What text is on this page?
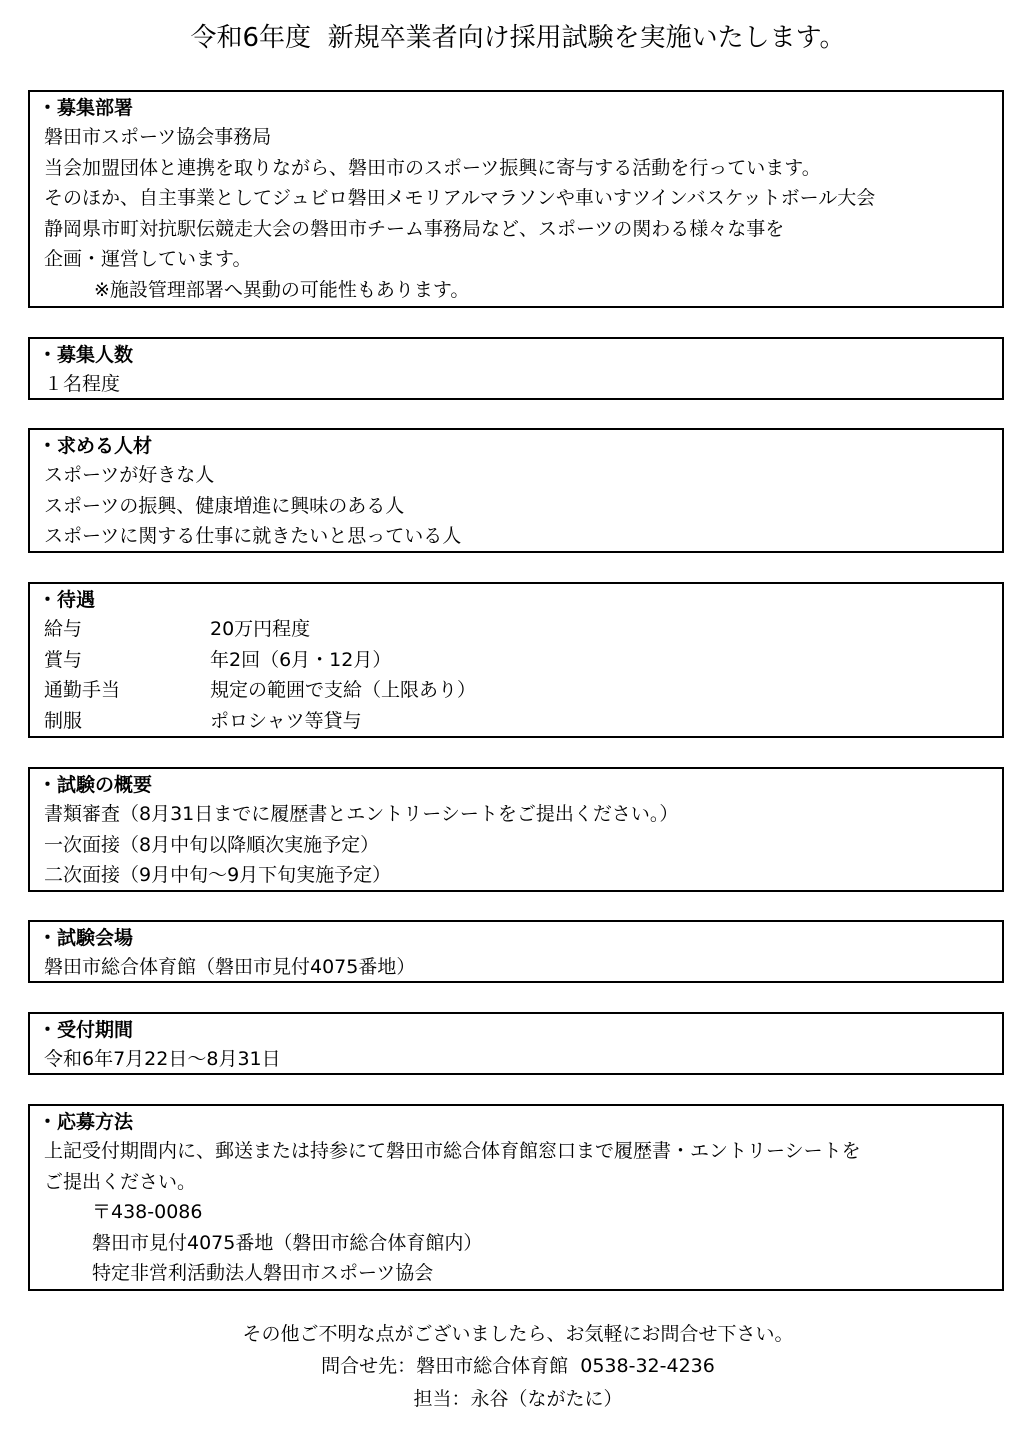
令和6年度  新規卒業者向け採用試験を実施いたします。
・募集部署
磐田市スポーツ協会事務局
当会加盟団体と連携を取りながら、磐田市のスポーツ振興に寄与する活動を行っています。
そのほか、自主事業としてジュビロ磐田メモリアルマラソンや車いすツインバスケットボール大会
静岡県市町対抗駅伝競走大会の磐田市チーム事務局など、スポーツの関わる様々な事を
企画・運営しています。
※施設管理部署へ異動の可能性もあります。
・募集人数
１名程度
・求める人材
スポーツが好きな人
スポーツの振興、健康増進に興味のある人
スポーツに関する仕事に就きたいと思っている人
・待遇
給与	20万円程度
賞与	年2回（6月・12月）
通勤手当	規定の範囲で支給（上限あり）
制服	ポロシャツ等貸与
・試験の概要
書類審査（8月31日までに履歴書とエントリーシートをご提出ください。）
一次面接（8月中旬以降順次実施予定）
二次面接（9月中旬～9月下旬実施予定）
・試験会場
磐田市総合体育館（磐田市見付4075番地）
・受付期間
令和6年7月22日～8月31日
・応募方法
上記受付期間内に、郵送または持参にて磐田市総合体育館窓口まで履歴書・エントリーシートを
ご提出ください。
〒438-0086
磐田市見付4075番地（磐田市総合体育館内）
特定非営利活動法人磐田市スポーツ協会
その他ご不明な点がございましたら、お気軽にお問合せ下さい。
問合せ先：磐田市総合体育館  0538-32-4236
担当：永谷（ながたに）
